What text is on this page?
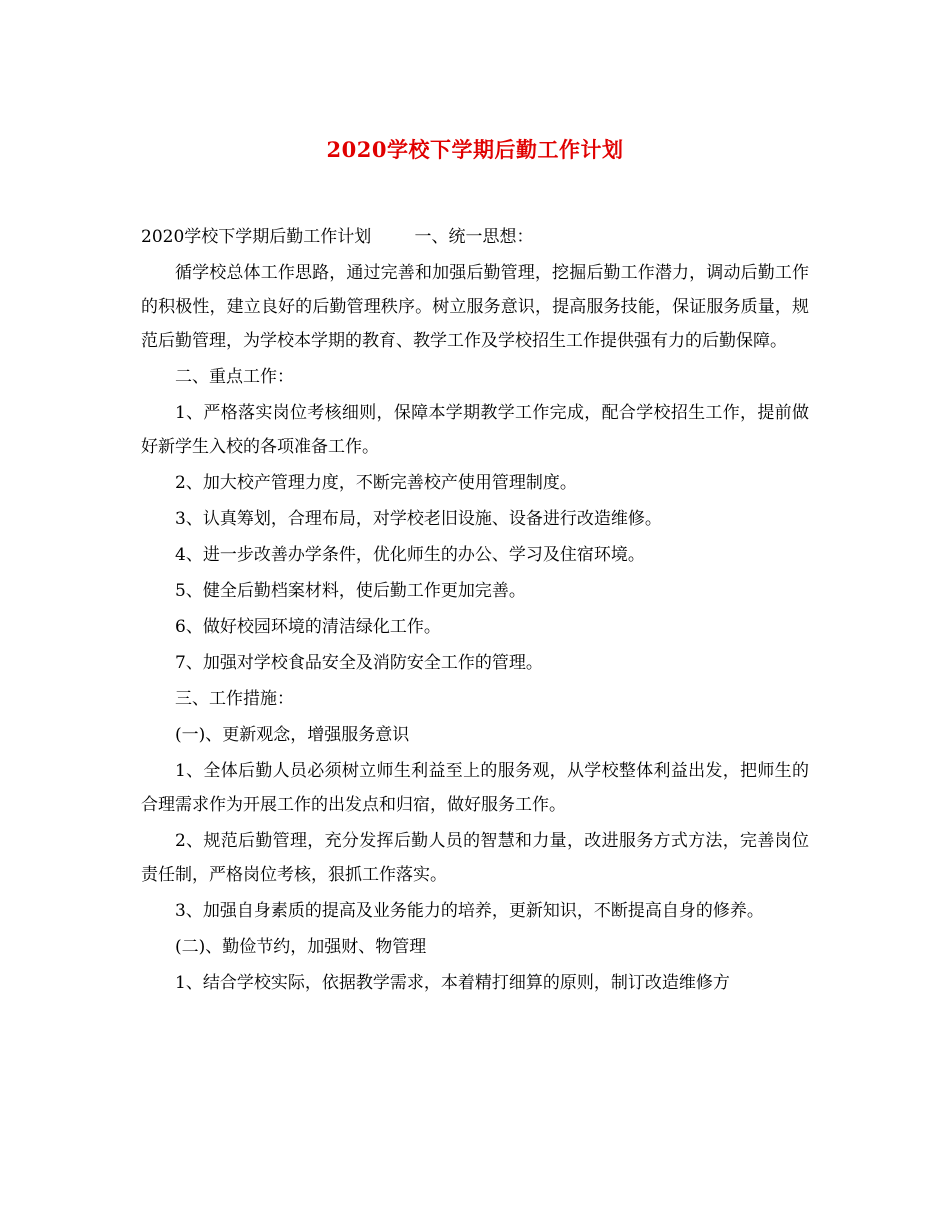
2020学校下学期后勤工作计划

2020学校下学期后勤工作计划	一、统一思想：

循学校总体工作思路，通过完善和加强后勤管理，挖掘后勤工作潜力，调动后勤工作的积极性，建立良好的后勤管理秩序。树立服务意识，提高服务技能，保证服务质量，规范后勤管理，为学校本学期的教育、教学工作及学校招生工作提供强有力的后勤保障。

二、重点工作：

1、严格落实岗位考核细则，保障本学期教学工作完成，配合学校招生工作，提前做好新学生入校的各项准备工作。

2、加大校产管理力度，不断完善校产使用管理制度。

3、认真筹划，合理布局，对学校老旧设施、设备进行改造维修。

4、进一步改善办学条件，优化师生的办公、学习及住宿环境。

5、健全后勤档案材料，使后勤工作更加完善。

6、做好校园环境的清洁绿化工作。

7、加强对学校食品安全及消防安全工作的管理。

三、工作措施：

(一)、更新观念，增强服务意识

1、全体后勤人员必须树立师生利益至上的服务观，从学校整体利益出发，把师生的合理需求作为开展工作的出发点和归宿，做好服务工作。

2、规范后勤管理，充分发挥后勤人员的智慧和力量，改进服务方式方法，完善岗位责任制，严格岗位考核，狠抓工作落实。

3、加强自身素质的提高及业务能力的培养，更新知识，不断提高自身的修养。

(二)、勤俭节约，加强财、物管理

1、结合学校实际，依据教学需求，本着精打细算的原则，制订改造维修方
